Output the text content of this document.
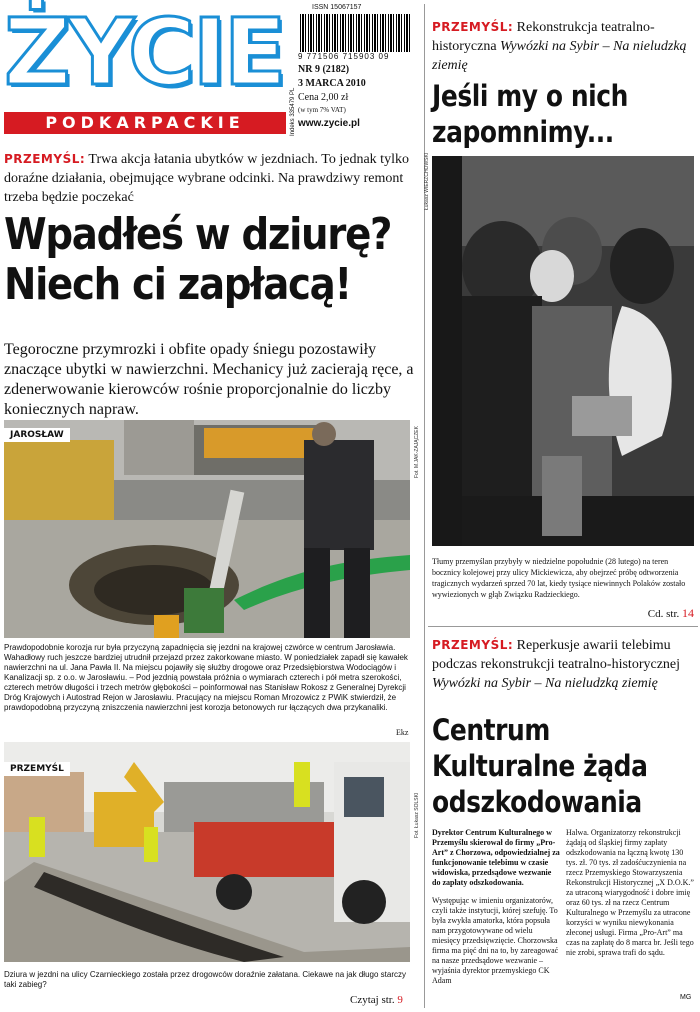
ŻYCIE
PODKARPACKIE
ISSN 15067157
9 771506 715903 09
Indeks 335479 PL
NR 9 (2182)
3 MARCA 2010
Cena 2,00 zł
(w tym 7% VAT)
www.zycie.pl
PRZEMYŚL: Trwa akcja łatania ubytków w jezdniach. To jednak tylko doraźne działania, obejmujące wybrane odcinki. Na prawdziwy remont trzeba będzie poczekać
Wpadłeś w dziurę?
Niech ci zapłacą!
Tegoroczne przymrozki i obfite opady śniegu pozostawiły znaczące ubytki w nawierzchni. Mechanicy już zacierają ręce, a zdenerwowanie kierowców rośnie proporcjonalnie do liczby koniecznych napraw.
JAROSŁAW	Fot. M.JAK-ZAJĄCZEK
Prawdopodobnie korozja rur była przyczyną zapadnięcia się jezdni na krajowej czwórce w centrum Jarosławia. Wahadłowy ruch jeszcze bardziej utrudnił przejazd przez zakorkowane miasto. W poniedziałek zapadł się kawałek nawierzchni na ul. Jana Pawła II. Na miejscu pojawiły się służby drogowe oraz Przedsiębiorstwa Wodociągów i Kanalizacji sp. z o.o. w Jarosławiu. – Pod jezdnią powstała próżnia o wymiarach czterech i pół metra szerokości, czterech metrów długości i trzech metrów głębokości – poinformował nas Stanisław Rokosz z Generalnej Dyrekcji Dróg Krajowych i Autostrad Rejon w Jarosławiu. Pracujący na miejscu Roman Mrozowicz z PWiK stwierdził, że prawdopodobną przyczyną zniszczenia nawierzchni jest korozja betonowych rur łączących dwa przykanaliki.
Ekz
PRZEMYŚL
Fot. Łukasz SOLSKI
Dziura w jezdni na ulicy Czarnieckiego została przez drogowców doraźnie załatana. Ciekawe na jak długo starczy taki zabieg?
Czytaj str. 9
PRZEMYŚL: Rekonstrukcja teatralno-historyczna Wywózki na Sybir – Na nieludzką ziemię
Jeśli my o nich
zapomnimy...
Łukasz WIERZCHOWSKI
Tłumy przemyślan przybyły w niedzielne popołudnie (28 lutego) na teren bocznicy kolejowej przy ulicy Mickiewicza, aby obejrzeć próbę odtworzenia tragicznych wydarzeń sprzed 70 lat, kiedy tysiące niewinnych Polaków zostało wywiezionych w głąb Związku Radzieckiego.
Cd. str. 14
PRZEMYŚL: Reperkusje awarii telebimu podczas rekonstrukcji teatralno-historycznej Wywózki na Sybir – Na nieludzką ziemię
Centrum
Kulturalne żąda
odszkodowania
Dyrektor Centrum Kulturalnego w Przemyślu skierował do firmy „Pro-Art” z Chorzowa, odpowiedzialnej za funkcjonowanie telebimu w czasie widowiska, przedsądowe wezwanie do zapłaty odszkodowania.
Występując w imieniu organizatorów, czyli także instytucji, której szefuję. To była zwykła amatorka, która popsuła nam przygotowywane od wielu miesięcy przedsięwzięcie. Chorzowska firma ma pięć dni na to, by zareagować na nasze przedsądowe wezwanie – wyjaśnia dyrektor przemyskiego CK Adam
Halwa. Organizatorzy rekonstrukcji żądają od śląskiej firmy zapłaty odszkodowania na łączną kwotę 130 tys. zł. 70 tys. zł zadośćuczynienia na rzecz Przemyskiego Stowarzyszenia Rekonstrukcji Historycznej „X D.O.K.” za utraconą wiarygodność i dobre imię oraz 60 tys. zł na rzecz Centrum Kulturalnego w Przemyślu za utracone korzyści w wyniku niewykonania złeconej usługi. Firma „Pro-Art” ma czas na zapłatę do 8 marca br. Jeśli tego nie zrobi, sprawa trafi do sądu.
MG
